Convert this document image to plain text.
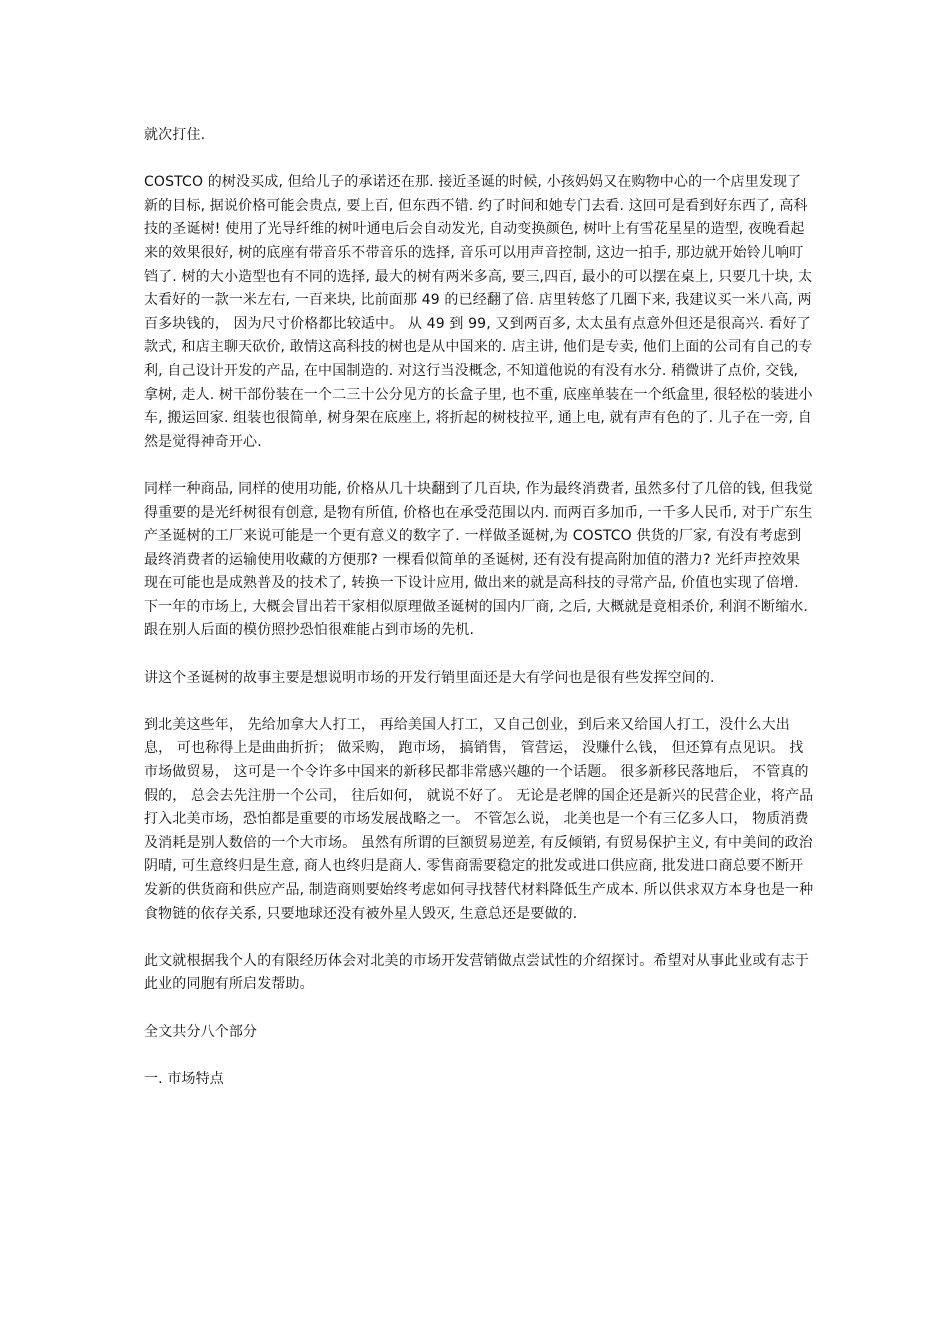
就次打住.

COSTCO 的树没买成, 但给儿子的承诺还在那. 接近圣诞的时候, 小孩妈妈又在购物中心的一个店里发现了新的目标, 据说价格可能会贵点, 要上百, 但东西不错. 约了时间和她专门去看. 这回可是看到好东西了, 高科技的圣诞树! 使用了光导纤维的树叶通电后会自动发光, 自动变换颜色, 树叶上有雪花星星的造型, 夜晚看起来的效果很好, 树的底座有带音乐不带音乐的选择, 音乐可以用声音控制, 这边一拍手, 那边就开始铃儿响叮铛了. 树的大小造型也有不同的选择, 最大的树有两米多高, 要三,四百, 最小的可以摆在桌上, 只要几十块, 太太看好的一款一米左右, 一百来块, 比前面那 49 的已经翻了倍. 店里转悠了几圈下来, 我建议买一米八高, 两百多块钱的， 因为尺寸价格都比较适中。 从 49 到 99, 又到两百多, 太太虽有点意外但还是很高兴. 看好了款式, 和店主聊天砍价, 敢情这高科技的树也是从中国来的. 店主讲, 他们是专卖, 他们上面的公司有自己的专利, 自己设计开发的产品, 在中国制造的. 对这行当没概念, 不知道他说的有没有水分. 稍微讲了点价, 交钱, 拿树, 走人. 树干部份装在一个二三十公分见方的长盒子里, 也不重, 底座单装在一个纸盒里, 很轻松的装进小车, 搬运回家. 组装也很简单, 树身架在底座上, 将折起的树枝拉平, 通上电, 就有声有色的了. 儿子在一旁, 自然是觉得神奇开心.

同样一种商品, 同样的使用功能, 价格从几十块翻到了几百块, 作为最终消费者, 虽然多付了几倍的钱, 但我觉得重要的是光纤树很有创意, 是物有所值, 价格也在承受范围以内. 而两百多加币, 一千多人民币, 对于广东生产圣诞树的工厂来说可能是一个更有意义的数字了. 一样做圣诞树,为 COSTCO 供货的厂家, 有没有考虑到最终消费者的运输使用收藏的方便那? 一棵看似简单的圣诞树, 还有没有提高附加值的潜力? 光纤声控效果现在可能也是成熟普及的技术了, 转换一下设计应用, 做出来的就是高科技的寻常产品, 价值也实现了倍增. 下一年的市场上, 大概会冒出若干家相似原理做圣诞树的国内厂商, 之后, 大概就是竟相杀价, 利润不断缩水. 跟在别人后面的模仿照抄恐怕很难能占到市场的先机.

讲这个圣诞树的故事主要是想说明市场的开发行销里面还是大有学问也是很有些发挥空间的.

到北美这些年， 先给加拿大人打工， 再给美国人打工，又自己创业，到后来又给国人打工，没什么大出息， 可也称得上是曲曲折折； 做采购， 跑市场， 搞销售， 管营运， 没赚什么钱， 但还算有点见识。 找市场做贸易， 这可是一个令许多中国来的新移民都非常感兴趣的一个话题。 很多新移民落地后， 不管真的假的， 总会去先注册一个公司， 往后如何， 就说不好了。 无论是老牌的国企还是新兴的民营企业，将产品打入北美市场，恐怕都是重要的市场发展战略之一。 不管怎么说， 北美也是一个有三亿多人口， 物质消费及消耗是别人数倍的一个大市场。 虽然有所谓的巨额贸易逆差, 有反倾销, 有贸易保护主义, 有中美间的政治阴晴, 可生意终归是生意, 商人也终归是商人. 零售商需要稳定的批发或进口供应商, 批发进口商总要不断开发新的供货商和供应产品, 制造商则要始终考虑如何寻找替代材料降低生产成本. 所以供求双方本身也是一种食物链的依存关系, 只要地球还没有被外星人毁灭, 生意总还是要做的.

此文就根据我个人的有限经历体会对北美的市场开发营销做点尝试性的介绍探讨。希望对从事此业或有志于此业的同胞有所启发帮助。

全文共分八个部分

一. 市场特点
